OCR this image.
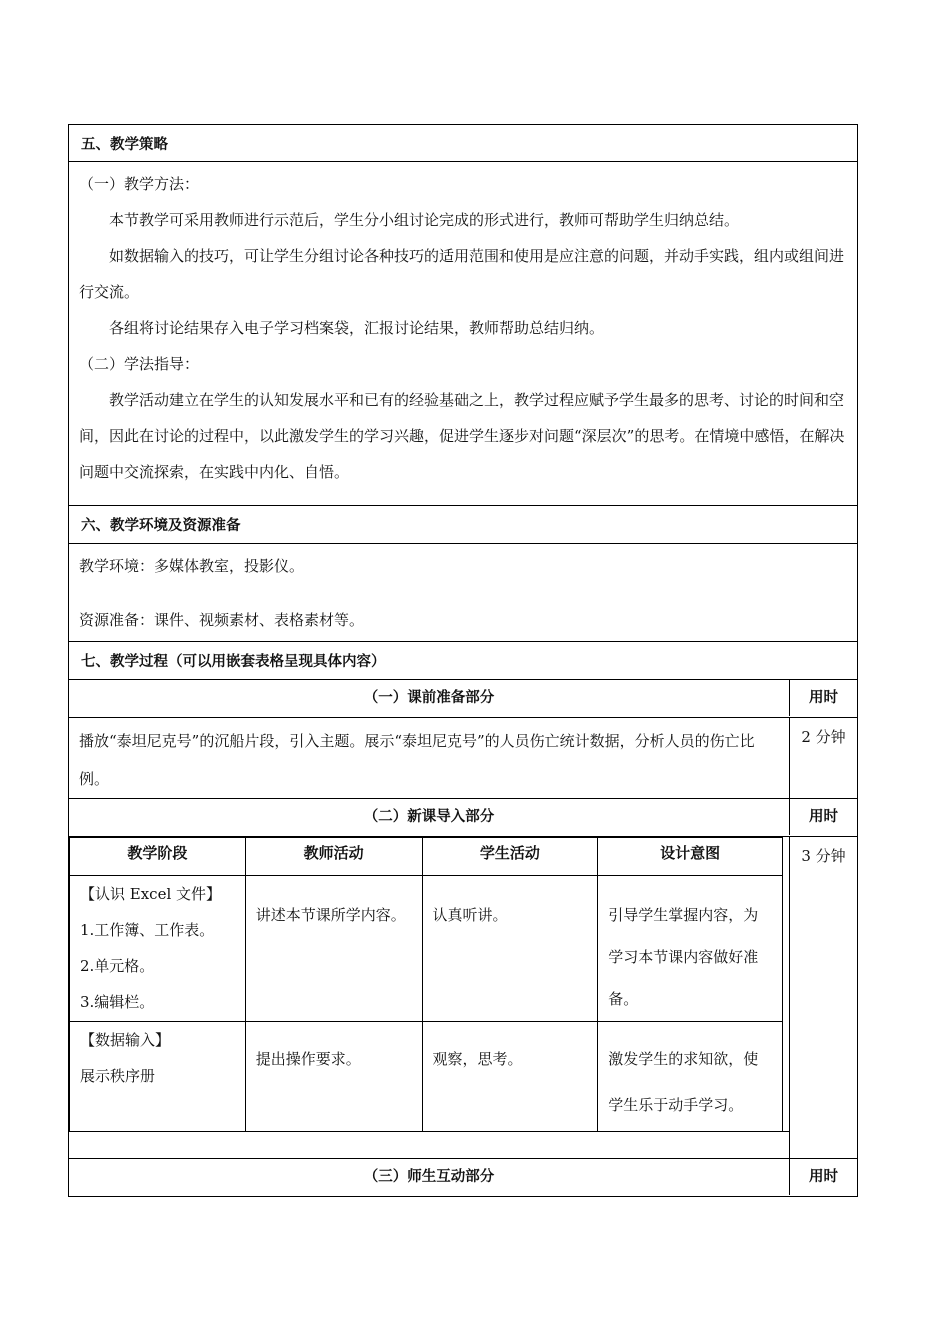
五、教学策略

（一）教学方法：

本节教学可采用教师进行示范后，学生分小组讨论完成的形式进行，教师可帮助学生归纳总结。

如数据输入的技巧，可让学生分组讨论各种技巧的适用范围和使用是应注意的问题，并动手实践，组内或组间进行交流。

各组将讨论结果存入电子学习档案袋，汇报讨论结果，教师帮助总结归纳。

（二）学法指导：

教学活动建立在学生的认知发展水平和已有的经验基础之上，教学过程应赋予学生最多的思考、讨论的时间和空间，因此在讨论的过程中，以此激发学生的学习兴趣，促进学生逐步对问题“深层次”的思考。在情境中感悟，在解决问题中交流探索，在实践中内化、自悟。

六、教学环境及资源准备

教学环境：多媒体教室，投影仪。

资源准备：课件、视频素材、表格素材等。

七、教学过程（可以用嵌套表格呈现具体内容）
（一）课前准备部分	用时
播放“泰坦尼克号”的沉船片段，引入主题。展示“泰坦尼克号”的人员伤亡统计数据，分析人员的伤亡比例。
2 分钟
（二）新课导入部分	用时
教学阶段	教师活动	学生活动	设计意图

【认识 Excel 文件】

1.工作簿、工作表。

2.单元格。

3.编辑栏。	讲述本节课所学内容。	认真听讲。	引导学生掌握内容，为学习本节课内容做好准备。

【数据输入】

展示秩序册	提出操作要求。	观察，思考。	激发学生的求知欲，使学生乐于动手学习。
3 分钟
（三）师生互动部分	用时
